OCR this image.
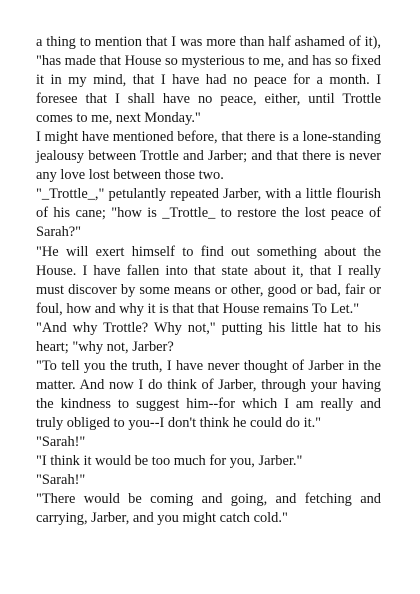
a thing to mention that I was more than half ashamed of it), "has made that House so mysterious to me, and has so fixed it in my mind, that I have had no peace for a month. I foresee that I shall have no peace, either, until Trottle comes to me, next Monday."

I might have mentioned before, that there is a lone-standing jealousy between Trottle and Jarber; and that there is never any love lost between those two.

"_Trottle_," petulantly repeated Jarber, with a little flourish of his cane; "how is _Trottle_ to restore the lost peace of Sarah?"

"He will exert himself to find out something about the House. I have fallen into that state about it, that I really must discover by some means or other, good or bad, fair or foul, how and why it is that that House remains To Let."

"And why Trottle? Why not," putting his little hat to his heart; "why not, Jarber?

"To tell you the truth, I have never thought of Jarber in the matter. And now I do think of Jarber, through your having the kindness to suggest him--for which I am really and truly obliged to you--I don't think he could do it."

"Sarah!"

"I think it would be too much for you, Jarber."

"Sarah!"

"There would be coming and going, and fetching and carrying, Jarber, and you might catch cold."
